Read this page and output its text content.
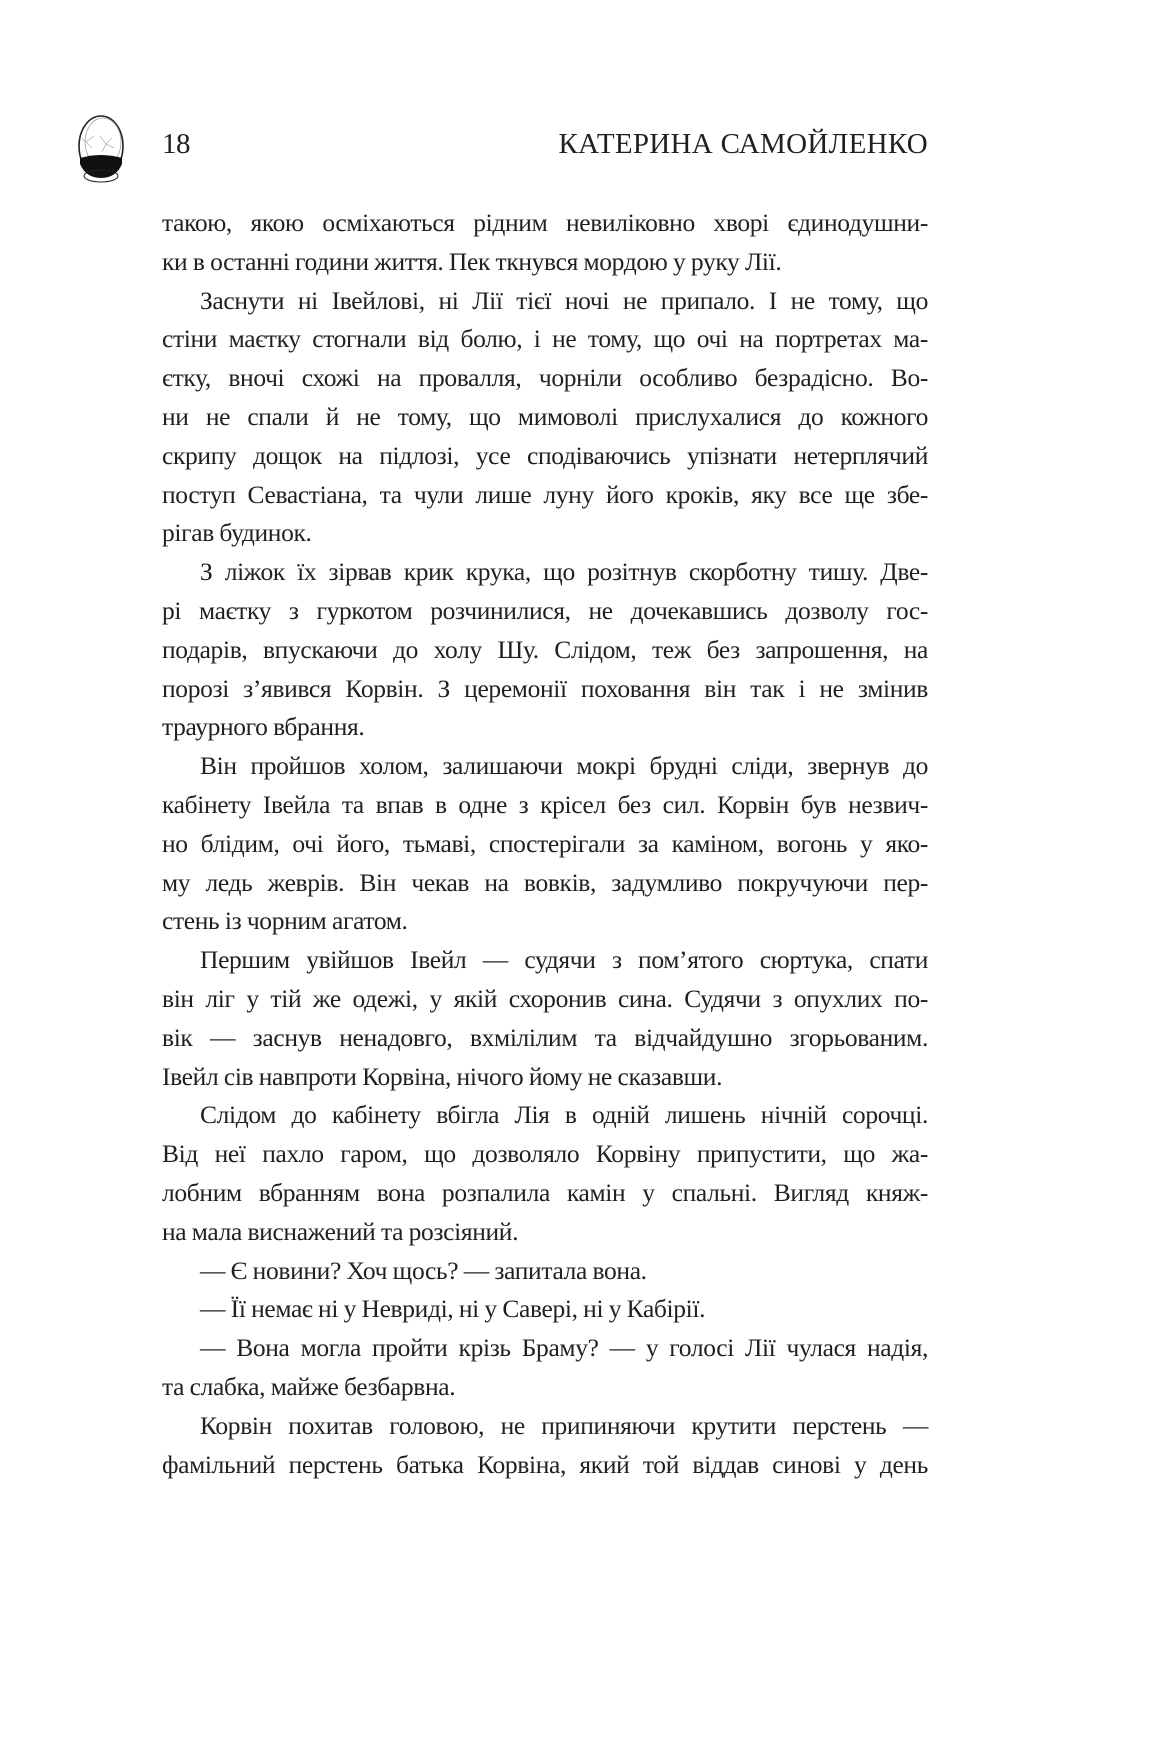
18	КАТЕРИНА САМОЙЛЕНКО
такою, якою осміхаються рідним невиліковно хворі єдинодушни-
ки в останні години життя. Пек ткнувся мордою у руку Лії.
Заснути ні Івейлові, ні Лії тієї ночі не припало. І не тому, що
стіни маєтку стогнали від болю, і не тому, що очі на портретах ма-
єтку, вночі схожі на провалля, чорніли особливо безрадісно. Во-
ни не спали й не тому, що мимоволі прислухалися до кожного
скрипу дощок на підлозі, усе сподіваючись упізнати нетерплячий
поступ Севастіана, та чули лише луну його кроків, яку все ще збе-
рігав будинок.
З ліжок їх зірвав крик крука, що розітнув скорботну тишу. Две-
рі маєтку з гуркотом розчинилися, не дочекавшись дозволу гос-
подарів, впускаючи до холу Шу. Слідом, теж без запрошення, на
порозі з’явився Корвін. З церемонії поховання він так і не змінив
траурного вбрання.
Він пройшов холом, залишаючи мокрі брудні сліди, звернув до
кабінету Івейла та впав в одне з крісел без сил. Корвін був незвич-
но блідим, очі його, тьмаві, спостерігали за каміном, вогонь у яко-
му ледь жеврів. Він чекав на вовків, задумливо покручуючи пер-
стень із чорним агатом.
Першим увійшов Івейл — судячи з пом’ятого сюртука, спати
він ліг у тій же одежі, у якій схоронив сина. Судячи з опухлих по-
вік — заснув ненадовго, вхмілілим та відчайдушно згорьованим.
Івейл сів навпроти Корвіна, нічого йому не сказавши.
Слідом до кабінету вбігла Лія в одній лишень нічній сорочці.
Від неї пахло гаром, що дозволяло Корвіну припустити, що жа-
лобним вбранням вона розпалила камін у спальні. Вигляд княж-
на мала виснажений та розсіяний.
— Є новини? Хоч щось? — запитала вона.
— Її немає ні у Невриді, ні у Савері, ні у Кабірії.
— Вона могла пройти крізь Браму? — у голосі Лії чулася надія,
та слабка, майже безбарвна.
Корвін похитав головою, не припиняючи крутити перстень —
фамільний перстень батька Корвіна, який той віддав синові у день
